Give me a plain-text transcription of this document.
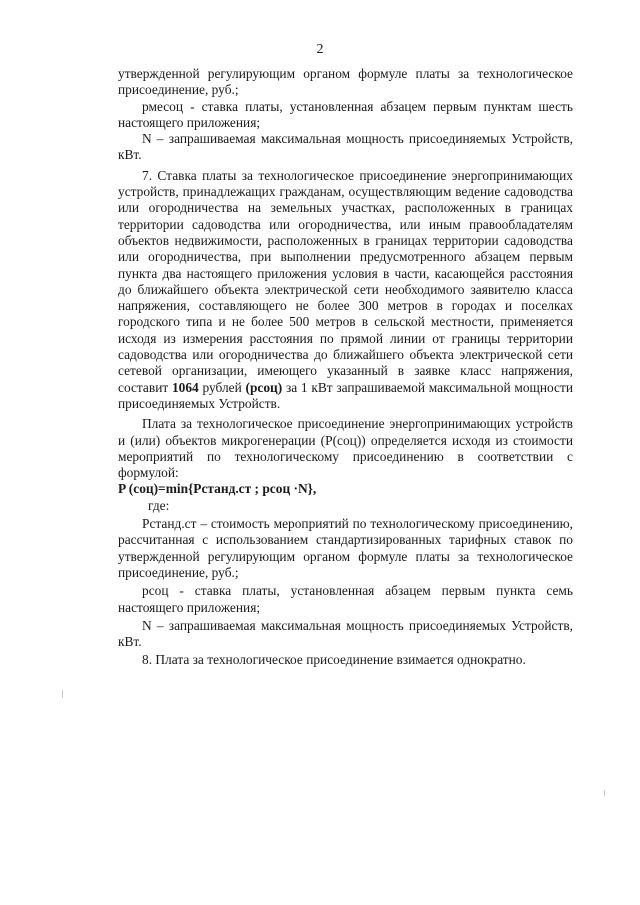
2

утвержденной регулирующим органом формуле платы за технологическое присоединение, руб.;

рмесоц - ставка платы, установленная абзацем первым пунктам шесть настоящего приложения;

N – запрашиваемая максимальная мощность присоединяемых Устройств, кВт.

7. Ставка платы за технологическое присоединение энергопринимающих устройств, принадлежащих гражданам, осуществляющим ведение садоводства или огородничества на земельных участках, расположенных в границах территории садоводства или огородничества, или иным правообладателям объектов недвижимости, расположенных в границах территории садоводства или огородничества, при выполнении предусмотренного абзацем первым пункта два настоящего приложения условия в части, касающейся расстояния до ближайшего объекта электрической сети необходимого заявителю класса напряжения, составляющего не более 300 метров в городах и поселках городского типа и не более 500 метров в сельской местности, применяется исходя из измерения расстояния по прямой линии от границы территории садоводства или огородничества до ближайшего объекта электрической сети сетевой организации, имеющего указанный в заявке класс напряжения, составит 1064 рублей (рсоц) за 1 кВт запрашиваемой максимальной мощности присоединяемых Устройств.

Плата за технологическое присоединение энергопринимающих устройств и (или) объектов микрогенерации (P(соц)) определяется исходя из стоимости мероприятий по технологическому присоединению в соответствии с формулой:

P (соц)=min{Рстанд.ст ; рсоц ·N},

где:

Рстанд.ст – стоимость мероприятий по технологическому присоединению, рассчитанная с использованием стандартизированных тарифных ставок по утвержденной регулирующим органом формуле платы за технологическое присоединение, руб.;

рсоц - ставка платы, установленная абзацем первым пункта семь настоящего приложения;

N – запрашиваемая максимальная мощность присоединяемых Устройств, кВт.

8. Плата за технологическое присоединение взимается однократно.
